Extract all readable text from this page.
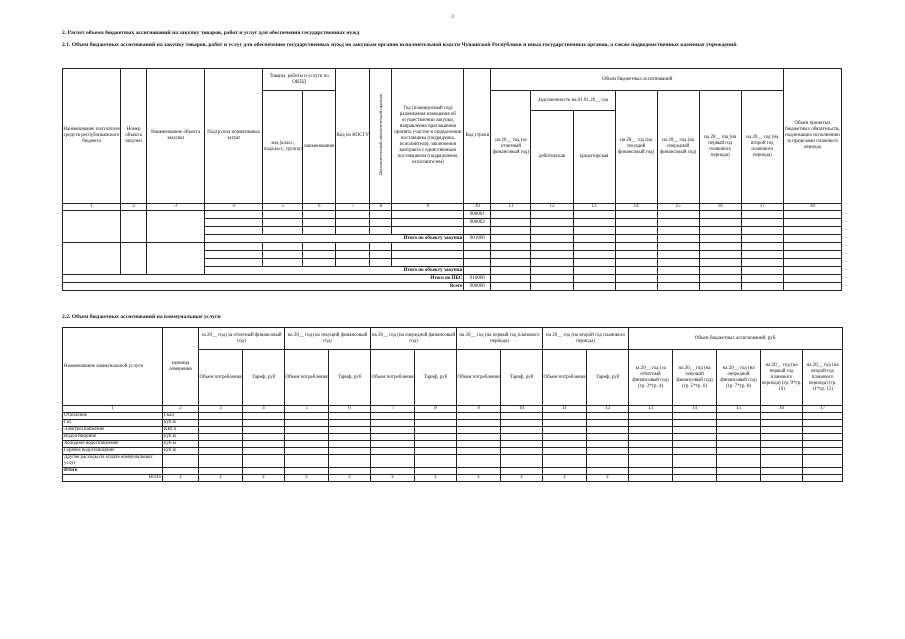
3
2. Расчет объема бюджетных ассигнований на закупку товаров, работ и услуг для обеспечения государственных нужд
2.1. Объем бюджетных ассигнований на закупку товаров, работ и услуг для обеспечения государственных нужд по закупкам органов исполнительной власти Чувашской Республики и иных государственных органов, а также подведомственных казенных учреждений
Наименование получателя средств республиканского бюджета	Номер объекта закупки	Наименование объекта закупки	Подгруппа нормативных затрат	Товары, работы и услуги по ОКПД		Код по КОСГУ	Дополнительный аналитический признак	Год (планируемый год) размещения извещения об осуществлении закупки, направления приглашения принять участие в определении поставщика (подрядчика, исполнителя), заключения контракта с единственным поставщиком (подрядчиком, исполнителем)	Код строки	Объем бюджетных ассигнований							Объем принятых бюджетных обязательств, подлежащих исполнению за пределами планового периода
				код (класс, подкласс, группа)	наименование					на 20__ год (за отчетный финансовый год)	Задолженность на 01.01.20__ год		на 20__ год (на текущий финансовый год)	на 20__ год (на очередной финансовый год)	на 20__ год (на первый год планового периода)	на 20__ год (на второй год планового периода)	
											дебиторская	кредиторская					
1	2	3	4	5	6	7	8	9	10	11	12	13	14	15	16	17	18
									000001								
									000002								

			Итого по объекту закупки						001000								

			Итого по объекту закупки														
Итого по ПБС									010000								
Всего									900000								
2.2. Объем бюджетных ассигнований на коммунальные услуги
Наименование коммунальной услуги	единица измерения	за 20__ год (за отчетный финансовый год)		на 20__ год (на текущий финансовый год)		на 20__ год (на очередной финансовый год)		на 20__ год (на первый год планового периода)		на 20__ год (на второй год планового периода)		Объем бюджетных ассигнований, руб.				
		Объем потребления	Тариф, руб	Объем потребления	Тариф, руб	Объем потребления	Тариф, руб	Объем потребления	Тариф, руб	Объем потребления	Тариф, руб	за 20__ год (за отчетный финансовый год) (гр. 3*гр. 4)	на 20__ год (на текущий финансовый год) (гр. 5*гр. 6)	на 20__ год (на очередной финансовый год) (гр. 7*гр. 8)	на 20__ год (на первый год планового периода) (гр. 9*гр. 10)	на 20__ год (на второй год планового периода) (гр. 11*гр. 12)
1	2	3	4	5	6	7	8	9	10	11	12	13	14	15	16	17
Отопление	Гкал															
Газ	куб.м															
Электроснабжение	КВт.ч															
Водоотведение	куб.м															
Холодное водоснабжение	куб.м															
Горячее водоснабжение	куб.м															
Другие расходы по оплате коммунальных услуг																
Итого																
Всего	х	х	х	х	х	х	х	х	х	х	х					
